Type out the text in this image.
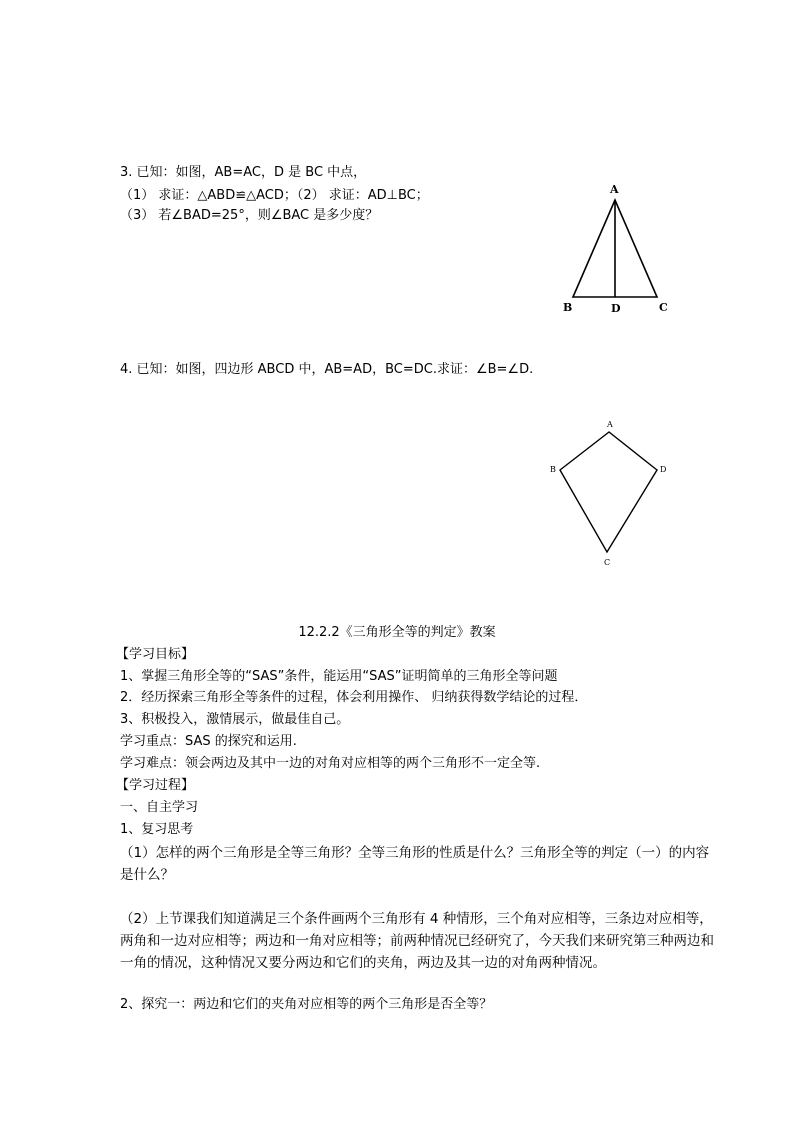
3. 已知：如图，AB=AC，D 是 BC 中点，
（1） 求证：△ABD≌△ACD；（2） 求证：AD⊥BC；
（3） 若∠BAD=25°，则∠BAC 是多少度？
A
B	D	C
4. 已知：如图，四边形 ABCD 中，AB=AD，BC=DC.求证：∠B=∠D.
A
B	D
C
12.2.2《三角形全等的判定》教案
【学习目标】
1、掌握三角形全等的“SAS”条件，能运用“SAS”证明简单的三角形全等问题
2．经历探索三角形全等条件的过程，体会利用操作、 归纳获得数学结论的过程．
3、积极投入，激情展示，做最佳自己。
学习重点：SAS 的探究和运用.
学习难点：领会两边及其中一边的对角对应相等的两个三角形不一定全等.
【学习过程】
一、自主学习
1、复习思考
（1）怎样的两个三角形是全等三角形？全等三角形的性质是什么？三角形全等的判定（一）的内容是什么？
（2）上节课我们知道满足三个条件画两个三角形有 4 种情形，三个角对应相等，三条边对应相等，两角和一边对应相等；两边和一角对应相等；前两种情况已经研究了，今天我们来研究第三种两边和一角的情况，这种情况又要分两边和它们的夹角，两边及其一边的对角两种情况。
2、探究一：两边和它们的夹角对应相等的两个三角形是否全等？
